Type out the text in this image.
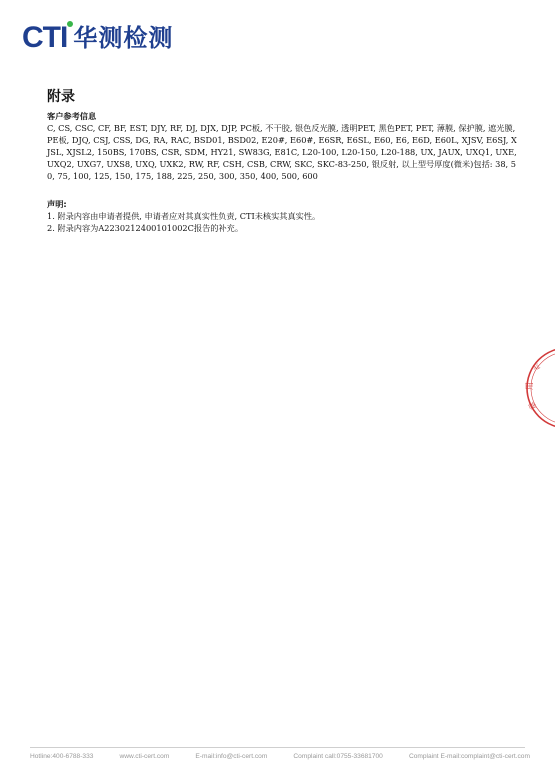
CTI 华测检测
附录
客户参考信息
C, CS, CSC, CF, BF, EST, DJY, RF, DJ, DJX, DJP, PC板, 不干胶, 银色反光膜, 透明PET, 黑色PET, PET, 薄膜, 保护膜, 遮光膜, PE板, DJQ, CSJ, CSS, DG, RA, RAC, BSD01, BSD02, E20#, E60#, E6SR, E6SL, E60, E6, E6D, E60L, XJSV, E6SJ, XJSL, XJSL2, 150BS, 170BS, CSR, SDM, HY21, SW83G, E81C, L20-100, L20-150, L20-188, UX, JAUX, UXQ1, UXE, UXQ2, UXG7, UXS8, UXQ, UXK2, RW, RF, CSH, CSB, CRW, SKC, SKC-83-250, 银反射, 以上型号厚度(微米)包括: 38, 50, 75, 100, 125, 150, 175, 188, 225, 250, 300, 350, 400, 500, 600
声明:
1. 附录内容由申请者提供, 申请者应对其真实性负责, CTI未核实其真实性。
2. 附录内容为A2230212400101002C报告的补充。
专
用
章
Hotline:400-6788-333	www.cti-cert.com	E-mail:info@cti-cert.com	Complaint call:0755-33681700	Complaint E-mail:complaint@cti-cert.com
